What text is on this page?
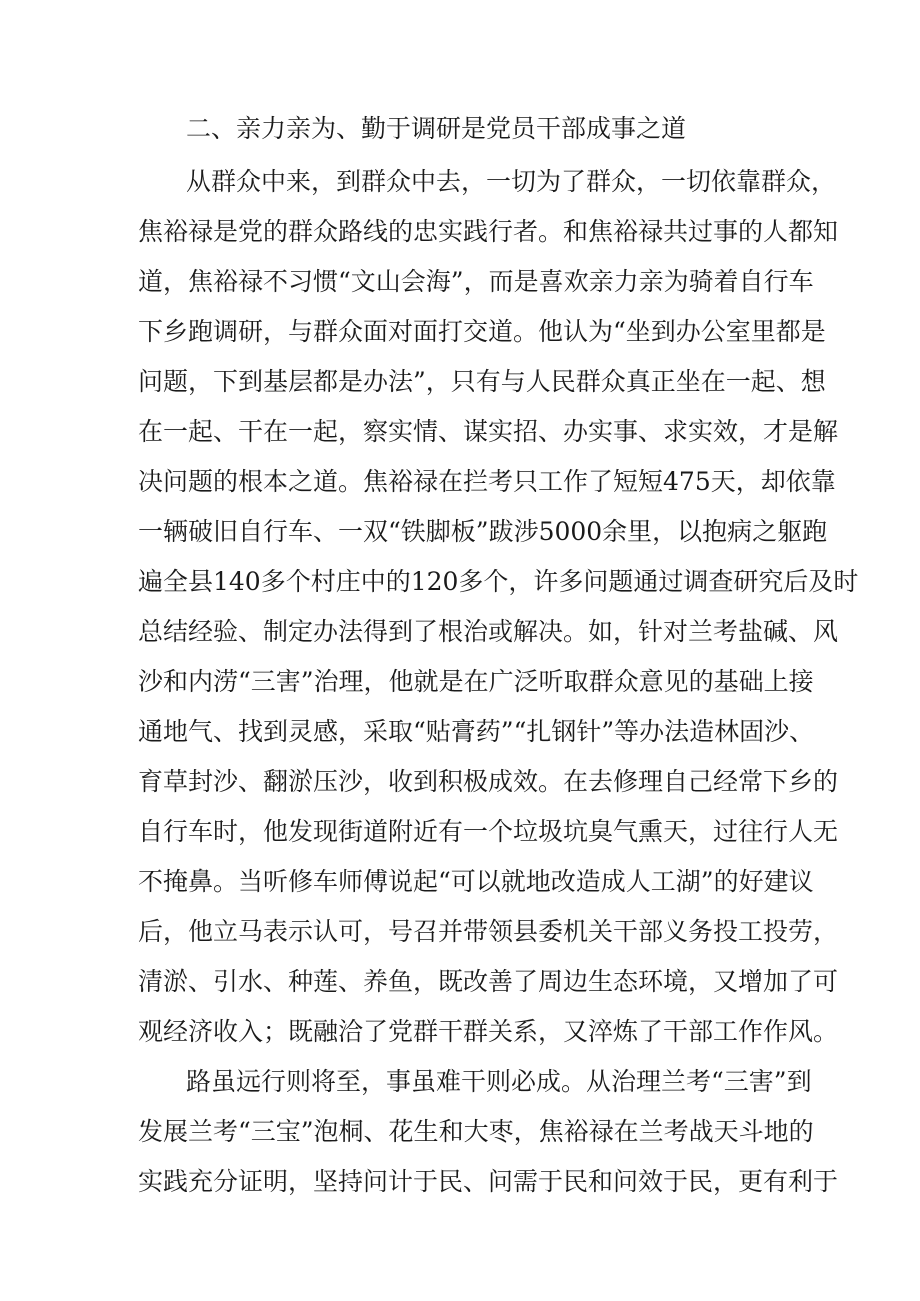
二、亲力亲为、勤于调研是党员干部成事之道
从群众中来，到群众中去，一切为了群众，一切依靠群众，
焦裕禄是党的群众路线的忠实践行者。和焦裕禄共过事的人都知
道，焦裕禄不习惯“文山会海”，而是喜欢亲力亲为骑着自行车
下乡跑调研，与群众面对面打交道。他认为“坐到办公室里都是
问题，下到基层都是办法”，只有与人民群众真正坐在一起、想
在一起、干在一起，察实情、谋实招、办实事、求实效，才是解
决问题的根本之道。焦裕禄在拦考只工作了短短475天，却依靠
一辆破旧自行车、一双“铁脚板”跋涉5000余里，以抱病之躯跑
遍全县140多个村庄中的120多个，许多问题通过调查研究后及时
总结经验、制定办法得到了根治或解决。如，针对兰考盐碱、风
沙和内涝“三害”治理，他就是在广泛听取群众意见的基础上接
通地气、找到灵感，采取“贴膏药”“扎钢针”等办法造林固沙、
育草封沙、翻淤压沙，收到积极成效。在去修理自己经常下乡的
自行车时，他发现街道附近有一个垃圾坑臭气熏天，过往行人无
不掩鼻。当听修车师傅说起“可以就地改造成人工湖”的好建议
后，他立马表示认可，号召并带领县委机关干部义务投工投劳，
清淤、引水、种莲、养鱼，既改善了周边生态环境，又增加了可
观经济收入；既融洽了党群干群关系，又淬炼了干部工作作风。
路虽远行则将至，事虽难干则必成。从治理兰考“三害”到
发展兰考“三宝”泡桐、花生和大枣，焦裕禄在兰考战天斗地的
实践充分证明，坚持问计于民、问需于民和问效于民，更有利于
